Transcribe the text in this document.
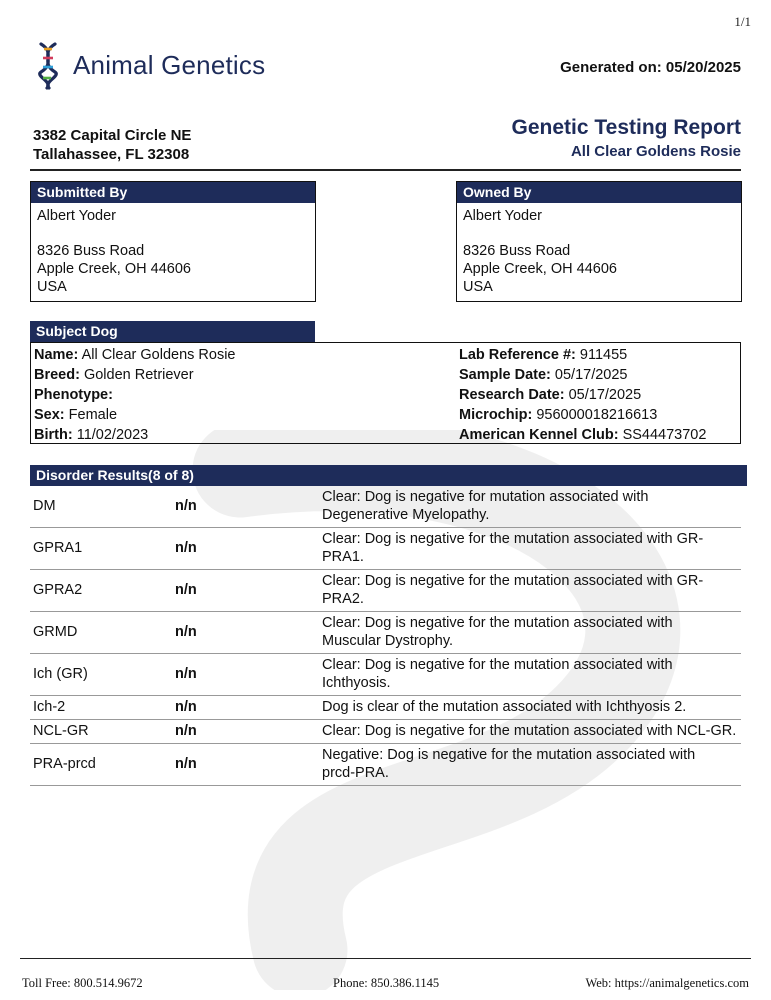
1/1
Animal Genetics	Generated on: 05/20/2025
3382 Capital Circle NE
Tallahassee, FL 32308
Genetic Testing Report
All Clear Goldens Rosie
Submitted By
Albert Yoder
8326 Buss Road
Apple Creek, OH 44606
USA
Owned By
Albert Yoder
8326 Buss Road
Apple Creek, OH 44606
USA
Subject Dog
Name: All Clear Goldens Rosie
Breed: Golden Retriever
Phenotype:
Sex: Female
Birth: 11/02/2023
Lab Reference #: 911455
Sample Date: 05/17/2025
Research Date: 05/17/2025
Microchip: 956000018216613
American Kennel Club: SS44473702
Disorder Results(8 of 8)
DM	n/n	Clear: Dog is negative for mutation associated with
Degenerative Myelopathy.

GPRA1	n/n	Clear: Dog is negative for the mutation associated with GR-
PRA1.

GPRA2	n/n	Clear: Dog is negative for the mutation associated with GR-
PRA2.

GRMD	n/n	Clear: Dog is negative for the mutation associated with
Muscular Dystrophy.

Ich (GR)	n/n	Clear: Dog is negative for the mutation associated with
Ichthyosis.

Ich-2	n/n	Dog is clear of the mutation associated with Ichthyosis 2.

NCL-GR	n/n	Clear: Dog is negative for the mutation associated with NCL-GR.

PRA-prcd	n/n	Negative: Dog is negative for the mutation associated with
prcd-PRA.
Toll Free: 800.514.9672	Phone: 850.386.1145	Web: https://animalgenetics.com
